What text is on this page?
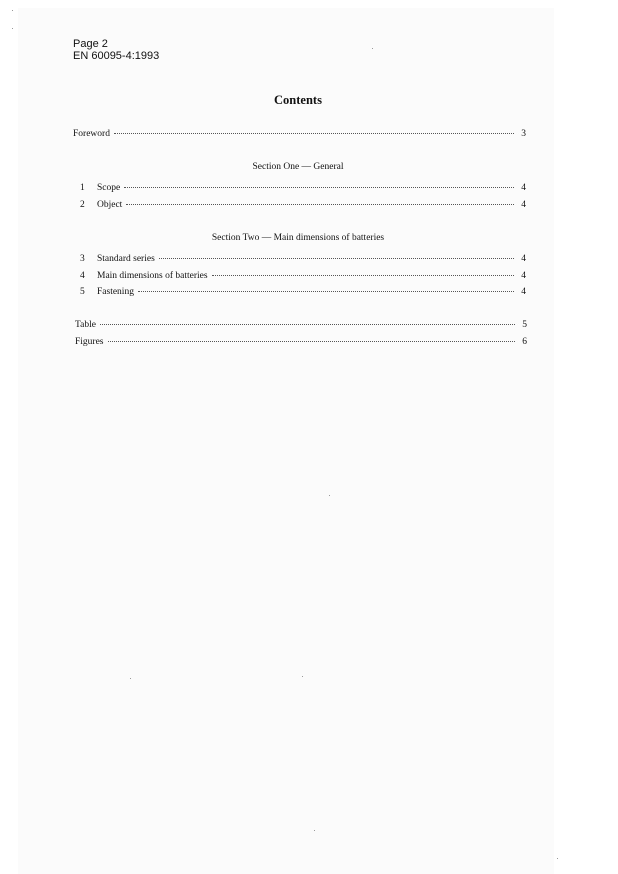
Page 2
EN 60095-4:1993
Contents
Foreword	3
Section One — General
1	Scope	4
2	Object	4
Section Two — Main dimensions of batteries
3	Standard series	4
4	Main dimensions of batteries	4
5	Fastening	4
Table	5
Figures	6
